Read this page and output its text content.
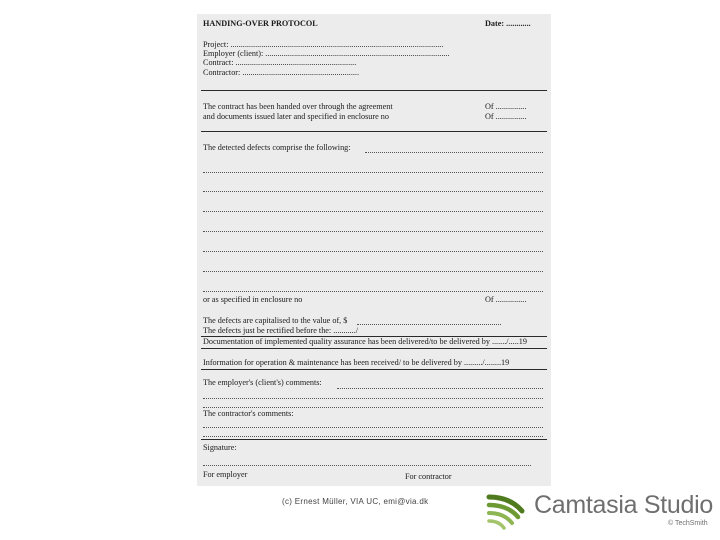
HANDING-OVER PROTOCOL	Date: ............
Project: ........................................................................................................
Employer (client): ..........................................................................................
Contract: ...........................................................
Contractor: .........................................................
The contract has been handed over through the agreement	Of ...............
and documents issued later and specified in enclosure no	Of ...............
The detected defects comprise the following:
or as specified in enclosure no	Of ...............
The defects are capitalised to the value of, $
The defects just be rectified before the: .........../
Documentation of implemented quality assurance has been delivered/to be delivered by ......./.....19
Information for operation & maintenance has been received/ to be delivered by ........./........19
The employer's (client's) comments:
The contractor's comments:
Signature:
For employer	For contractor
(c) Ernest Müller, VIA UC, emi@via.dk	Camtasia Studio
© TechSmith
